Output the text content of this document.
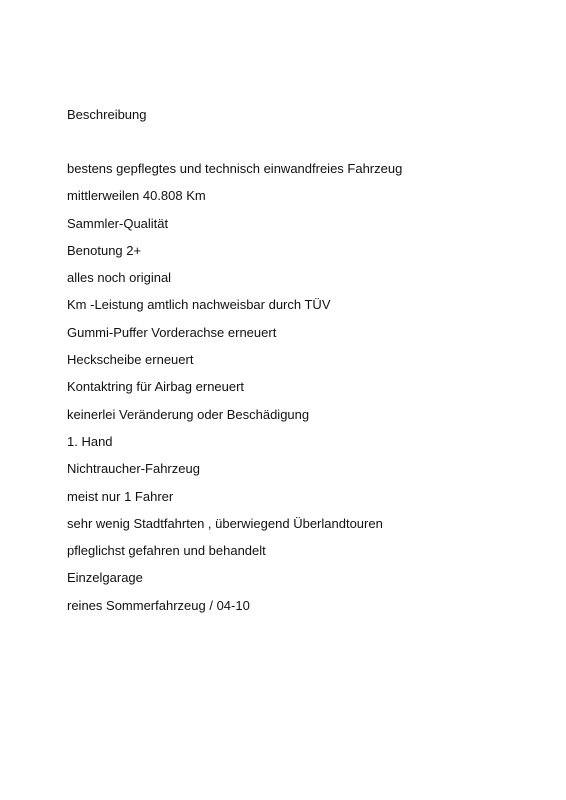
Beschreibung
bestens gepflegtes und technisch einwandfreies Fahrzeug
mittlerweilen 40.808 Km
Sammler-Qualität
Benotung 2+
alles noch original
Km -Leistung amtlich nachweisbar durch TÜV
Gummi-Puffer Vorderachse erneuert
Heckscheibe erneuert
Kontaktring für Airbag erneuert
keinerlei Veränderung oder Beschädigung
1. Hand
Nichtraucher-Fahrzeug
meist nur 1 Fahrer
sehr wenig Stadtfahrten , überwiegend Überlandtouren
pfleglichst gefahren und behandelt
Einzelgarage
reines Sommerfahrzeug / 04-10
